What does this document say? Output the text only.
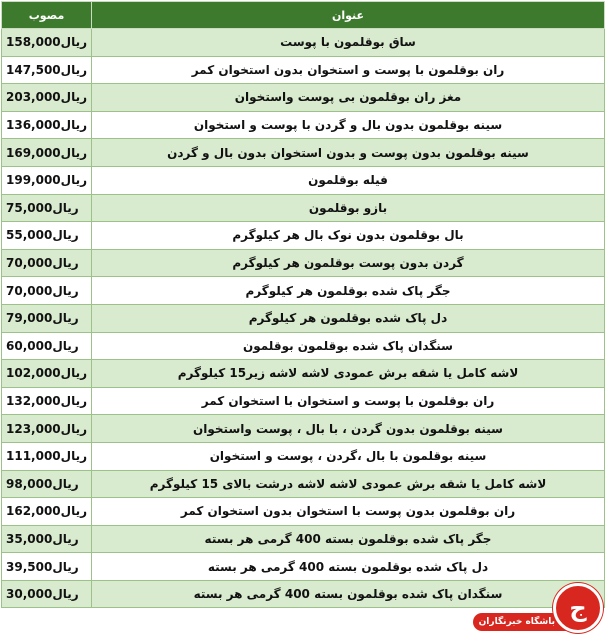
مصوب	عنوان
158,000ریال	ساق بوقلمون با پوست
147,500ریال	ران بوقلمون با پوست و استخوان بدون استخوان کمر
203,000ریال	مغز ران بوقلمون بی پوست واستخوان
136,000ریال	سینه بوقلمون بدون بال و گردن با پوست و استخوان
169,000ریال	سینه بوقلمون بدون پوست و بدون استخوان بدون بال و گردن
199,000ریال	فیله بوقلمون
75,000ریال	بازو بوقلمون
55,000ریال	بال بوقلمون بدون نوک بال هر کیلوگرم
70,000ریال	گردن بدون پوست بوقلمون هر کیلوگرم
70,000ریال	جگر پاک شده بوقلمون هر کیلوگرم
79,000ریال	دل پاک شده بوقلمون هر کیلوگرم
60,000ریال	سنگدان پاک شده بوقلمون بوقلمون
102,000ریال	لاشه کامل یا شقه برش عمودی لاشه لاشه زیر15 کیلوگرم
132,000ریال	ران بوقلمون با پوست و استخوان با استخوان کمر
123,000ریال	سینه بوقلمون بدون گردن ، با بال ، پوست واستخوان
111,000ریال	سینه بوقلمون با بال ،گردن ، پوست و استخوان
98,000ریال	لاشه کامل یا شقه برش عمودی لاشه لاشه درشت بالای 15 کیلوگرم
162,000ریال	ران بوقلمون بدون پوست با استخوان بدون استخوان کمر
35,000ریال	جگر پاک شده بوقلمون بسته 400 گرمی هر بسته
39,500ریال	دل پاک شده بوقلمون بسته 400 گرمی هر بسته
30,000ریال	سنگدان پاک شده بوقلمون بسته 400 گرمی هر بسته
باشگاه خبرنگاران ج
